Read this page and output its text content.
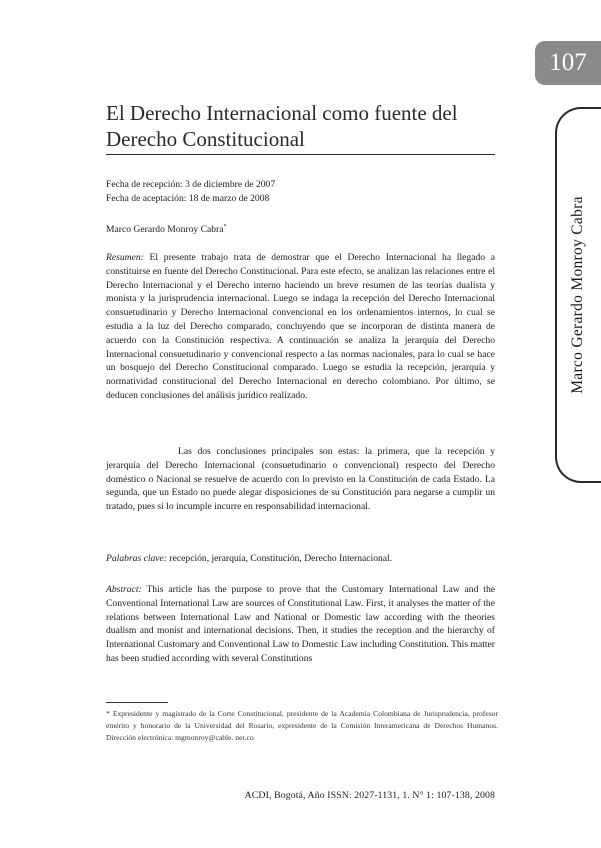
107
Marco Gerardo Monroy Cabra
El Derecho Internacional como fuente del Derecho Constitucional
Fecha de recepción: 3 de diciembre de 2007
Fecha de aceptación: 18 de marzo de 2008
Marco Gerardo Monroy Cabra*

Resumen: El presente trabajo trata de demostrar que el Derecho Internacional ha llegado a constituirse en fuente del Derecho Constitucional. Para este efecto, se analizan las relaciones entre el Derecho Internacional y el Derecho interno haciendo un breve resumen de las teorías dualista y monista y la jurisprudencia internacional. Luego se indaga la recepción del Derecho Internacional consuetudinario y Derecho Internacional convencional en los ordenamientos internos, lo cual se estudia a la luz del Derecho comparado, concluyendo que se incorporan de distinta manera de acuerdo con la Constitución respectiva. A continuación se analiza la jerarquía del Derecho Internacional consuetudinario y convencional respecto a las normas nacionales, para lo cual se hace un bosquejo del Derecho Constitucional comparado. Luego se estudia la recepción, jerarquía y normatividad constitucional del Derecho Internacional en derecho colombiano. Por último, se deducen conclusiones del análisis jurídico realizado.

Las dos conclusiones principales son estas: la primera, que la recepción y jerarquía del Derecho Internacional (consuetudinario o convencional) respecto del Derecho doméstico o Nacional se resuelve de acuerdo con lo previsto en la Constitución de cada Estado. La segunda, que un Estado no puede alegar disposiciones de su Constitución para negarse a cumplir un tratado, pues si lo incumple incurre en responsabilidad internacional.

Palabras clave: recepción, jerarquía, Constitución, Derecho Internacional.

Abstract: This article has the purpose to prove that the Customary International Law and the Conventional International Law are sources of Constitutional Law. First, it analyses the matter of the relations between International Law and National or Domestic law according with the theories dualism and monist and international decisions. Then, it studies the reception and the hierarchy of International Customary and Conventional Law to Domestic Law including Constitution. This matter has been studied according with several Constitutions

* Expresidente y magistrado de la Corte Constitucional, presidente de la Academia Colombiana de Jurisprudencia, profesor emérito y honorario de la Universidad del Rosario, expresidente de la Comisión Interamericana de Derechos Humanos. Dirección electrónica: mgmonroy@cable. net.co

ACDI, Bogotá, Año ISSN: 2027-1131, 1. N° 1: 107-138, 2008
